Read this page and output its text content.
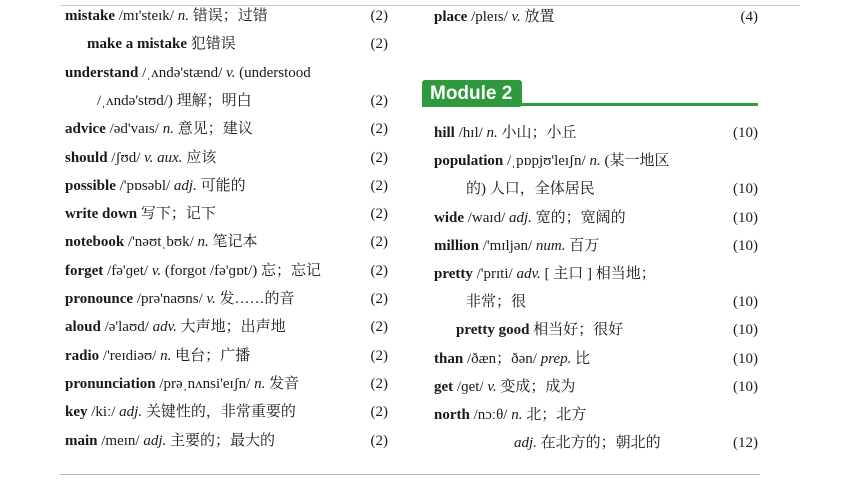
mistake /mɪ'steɪk/ n. 错误；过错	(2)
make a mistake 犯错误	(2)
understand /ˌʌndə'stænd/ v. (understood
/ˌʌndə'stʊd/) 理解；明白	(2)
advice /əd'vaɪs/ n. 意见；建议	(2)
should /ʃʊd/ v. aux. 应该	(2)
possible /'pɒsəbl/ adj. 可能的	(2)
write down 写下；记下	(2)
notebook /'nəʊtˌbʊk/ n. 笔记本	(2)
forget /fə'ɡet/ v. (forgot /fə'ɡɒt/) 忘；忘记	(2)
pronounce /prə'naʊns/ v. 发……的音	(2)
aloud /ə'laʊd/ adv. 大声地；出声地	(2)
radio /'reɪdiəʊ/ n. 电台；广播	(2)
pronunciation /prəˌnʌnsi'eɪʃn/ n. 发音	(2)
key /kiː/ adj. 关键性的，非常重要的	(2)
main /meɪn/ adj. 主要的；最大的	(2)
place /pleɪs/ v. 放置	(4)
Module 2
hill /hɪl/ n. 小山；小丘	(10)
population /ˌpɒpjʊ'leɪʃn/ n. (某一地区
的) 人口，全体居民	(10)
wide /waɪd/ adj. 宽的；宽阔的	(10)
million /'mɪljən/ num. 百万	(10)
pretty /'prɪti/ adv. [ 主口 ] 相当地；
非常；很	(10)
pretty good 相当好；很好	(10)
than /ðæn；ðən/ prep. 比	(10)
get /ɡet/ v. 变成；成为	(10)
north /nɔːθ/ n. 北；北方
adj. 在北方的；朝北的	(12)
